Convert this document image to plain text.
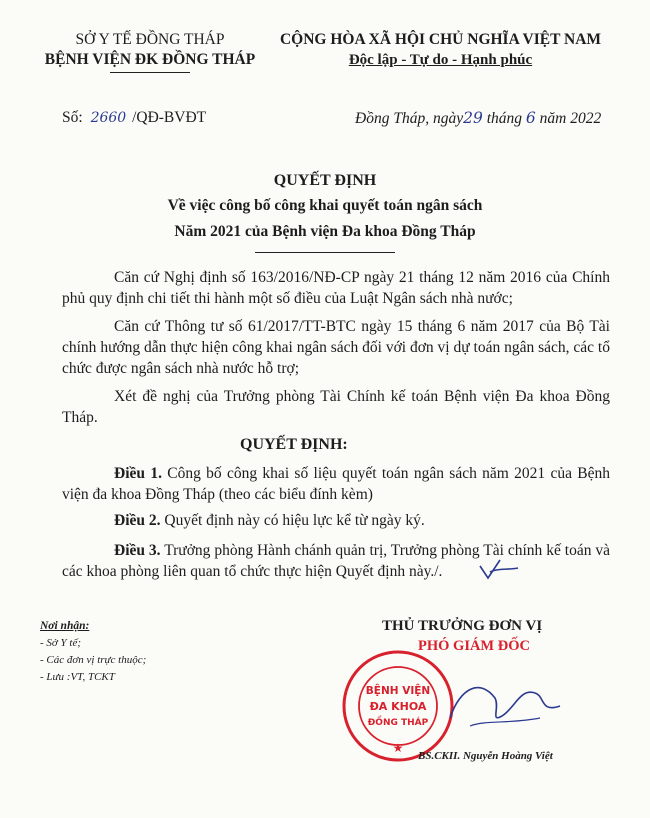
SỞ Y TẾ ĐỒNG THÁP
BỆNH VIỆN ĐK ĐỒNG THÁP
CỘNG HÒA XÃ HỘI CHỦ NGHĨA VIỆT NAM
Độc lập - Tự do - Hạnh phúc
Số: 2660 /QĐ-BVĐT	Đồng Tháp, ngày29 tháng 6 năm 2022
QUYẾT ĐỊNH
Về việc công bố công khai quyết toán ngân sách
Năm 2021 của Bệnh viện Đa khoa Đồng Tháp

Căn cứ Nghị định số 163/2016/NĐ-CP ngày 21 tháng 12 năm 2016 của Chính phủ quy định chi tiết thi hành một số điều của Luật Ngân sách nhà nước;

Căn cứ Thông tư số 61/2017/TT-BTC ngày 15 tháng 6 năm 2017 của Bộ Tài chính hướng dẫn thực hiện công khai ngân sách đối với đơn vị dự toán ngân sách, các tổ chức được ngân sách nhà nước hỗ trợ;

Xét đề nghị của Trưởng phòng Tài Chính kế toán Bệnh viện Đa khoa Đồng Tháp.

QUYẾT ĐỊNH:

Điều 1. Công bố công khai số liệu quyết toán ngân sách năm 2021 của Bệnh viện đa khoa Đồng Tháp (theo các biểu đính kèm)

Điều 2. Quyết định này có hiệu lực kể từ ngày ký.

Điều 3. Trưởng phòng Hành chánh quản trị, Trưởng phòng Tài chính kế toán và các khoa phòng liên quan tổ chức thực hiện Quyết định này./.

Nơi nhận:
- Sở Y tế;
- Các đơn vị trực thuộc;
- Lưu :VT, TCKT
THỦ TRƯỞNG ĐƠN VỊ
PHÓ GIÁM ĐỐC
BỆNH VIỆN
ĐA KHOA
ĐỒNG THÁP
★
BS.CKII. Nguyễn Hoàng Việt
